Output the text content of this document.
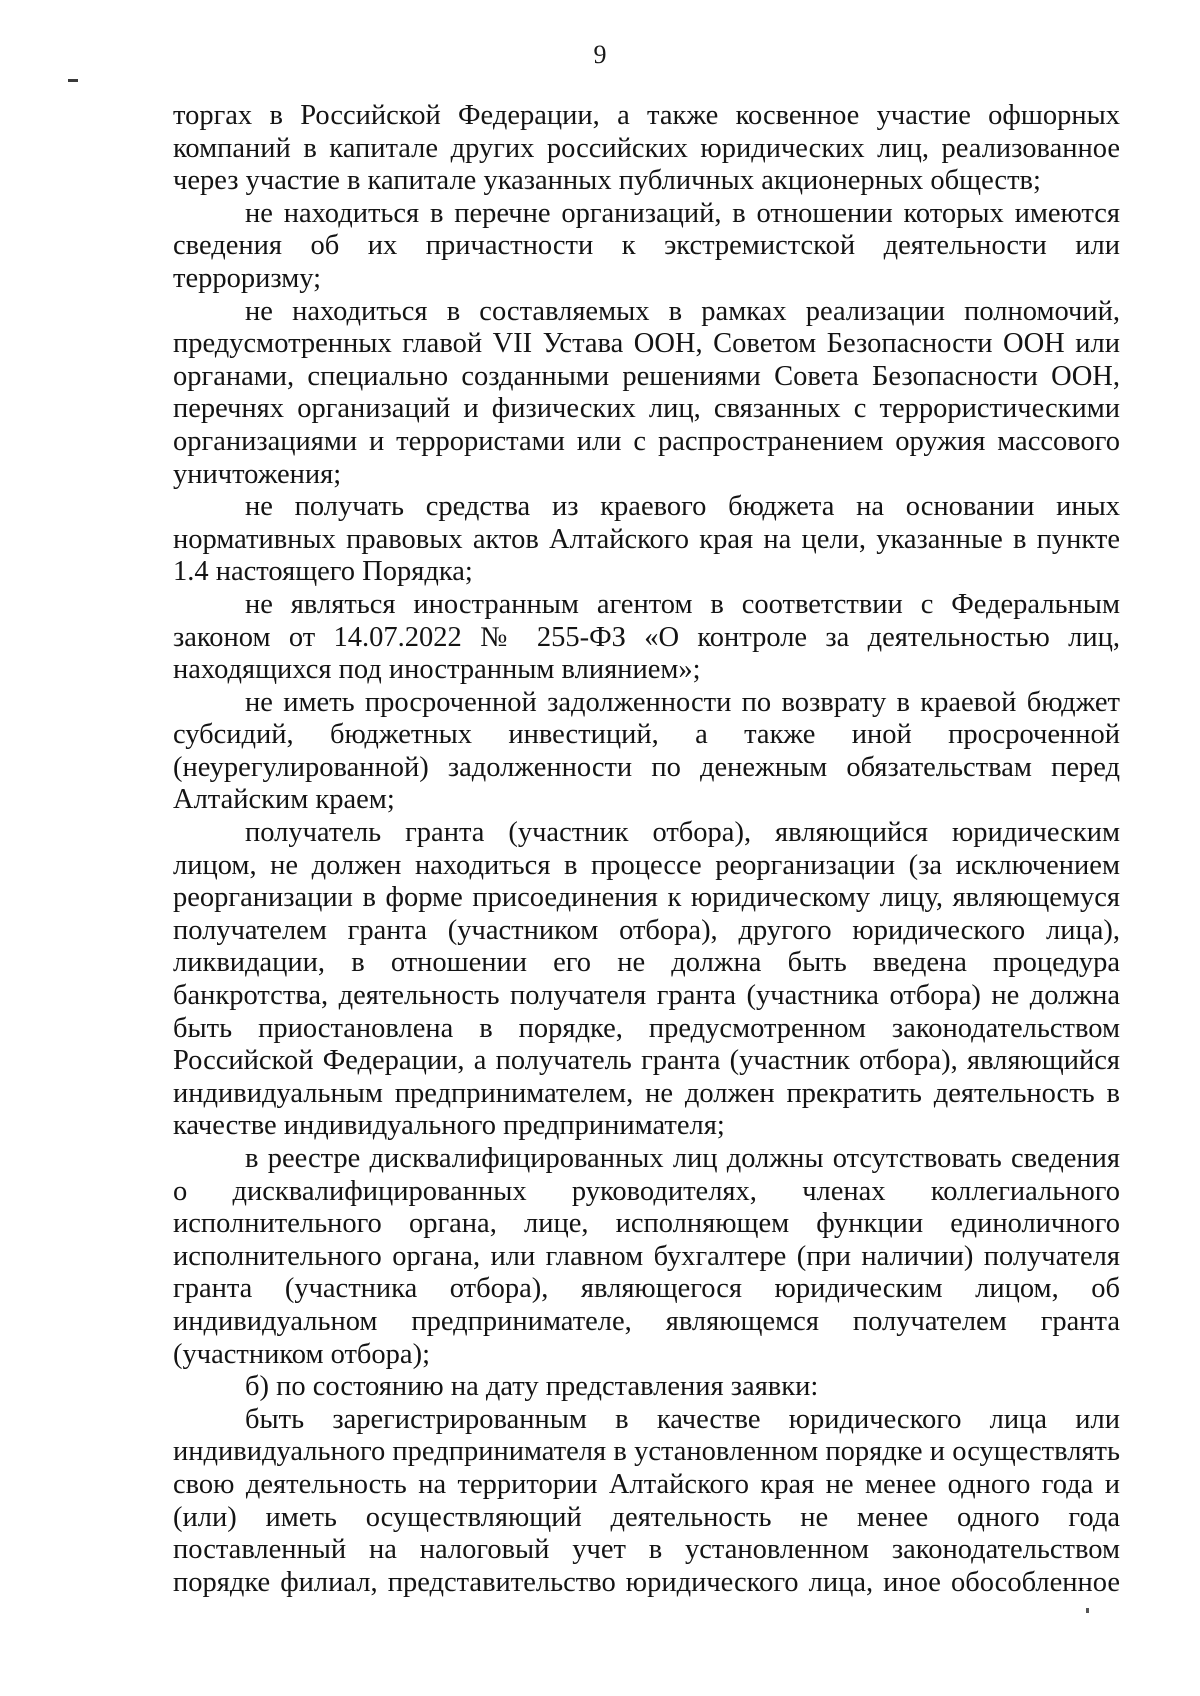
9

торгах в Российской Федерации, а также косвенное участие офшорных компаний в капитале других российских юридических лиц, реализованное через участие в капитале указанных публичных акционерных обществ;

не находиться в перечне организаций, в отношении которых имеются сведения об их причастности к экстремистской деятельности или терроризму;

не находиться в составляемых в рамках реализации полномочий, предусмотренных главой VII Устава ООН, Советом Безопасности ООН или органами, специально созданными решениями Совета Безопасности ООН, перечнях организаций и физических лиц, связанных с террористическими организациями и террористами или с распространением оружия массового уничтожения;

не получать средства из краевого бюджета на основании иных нормативных правовых актов Алтайского края на цели, указанные в пункте 1.4 настоящего Порядка;

не являться иностранным агентом в соответствии с Федеральным законом от 14.07.2022 № 255-ФЗ «О контроле за деятельностью лиц, находящихся под иностранным влиянием»;

не иметь просроченной задолженности по возврату в краевой бюджет субсидий, бюджетных инвестиций, а также иной просроченной (неурегулированной) задолженности по денежным обязательствам перед Алтайским краем;

получатель гранта (участник отбора), являющийся юридическим лицом, не должен находиться в процессе реорганизации (за исключением реорганизации в форме присоединения к юридическому лицу, являющемуся получателем гранта (участником отбора), другого юридического лица), ликвидации, в отношении его не должна быть введена процедура банкротства, деятельность получателя гранта (участника отбора) не должна быть приостановлена в порядке, предусмотренном законодательством Российской Федерации, а получатель гранта (участник отбора), являющийся индивидуальным предпринимателем, не должен прекратить деятельность в качестве индивидуального предпринимателя;

в реестре дисквалифицированных лиц должны отсутствовать сведения о дисквалифицированных руководителях, членах коллегиального исполнительного органа, лице, исполняющем функции единоличного исполнительного органа, или главном бухгалтере (при наличии) получателя гранта (участника отбора), являющегося юридическим лицом, об индивидуальном предпринимателе, являющемся получателем гранта (участником отбора);

б) по состоянию на дату представления заявки:

быть зарегистрированным в качестве юридического лица или индивидуального предпринимателя в установленном порядке и осуществлять свою деятельность на территории Алтайского края не менее одного года и (или) иметь осуществляющий деятельность не менее одного года поставленный на налоговый учет в установленном законодательством порядке филиал, представительство юридического лица, иное обособленное
